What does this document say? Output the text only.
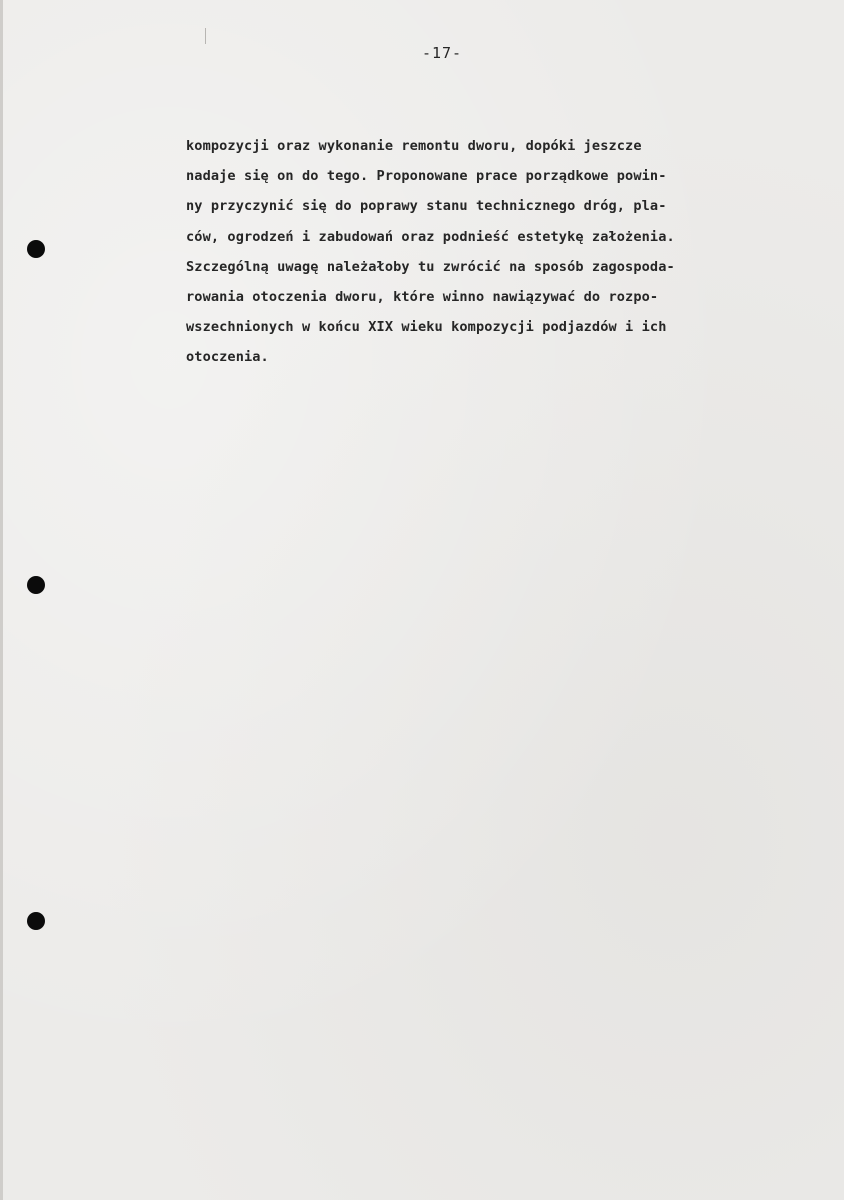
-17-
kompozycji oraz wykonanie remontu dworu, dopóki jeszcze
nadaje się on do tego. Proponowane prace porządkowe powin-
ny przyczynić się do poprawy stanu technicznego dróg, pla-
ców, ogrodzeń i zabudowań oraz podnieść estetykę założenia.
Szczególną uwagę należałoby tu zwrócić na sposób zagospoda-
rowania otoczenia dworu, które winno nawiązywać do rozpo-
wszechnionych w końcu XIX wieku kompozycji podjazdów i ich
otoczenia.
